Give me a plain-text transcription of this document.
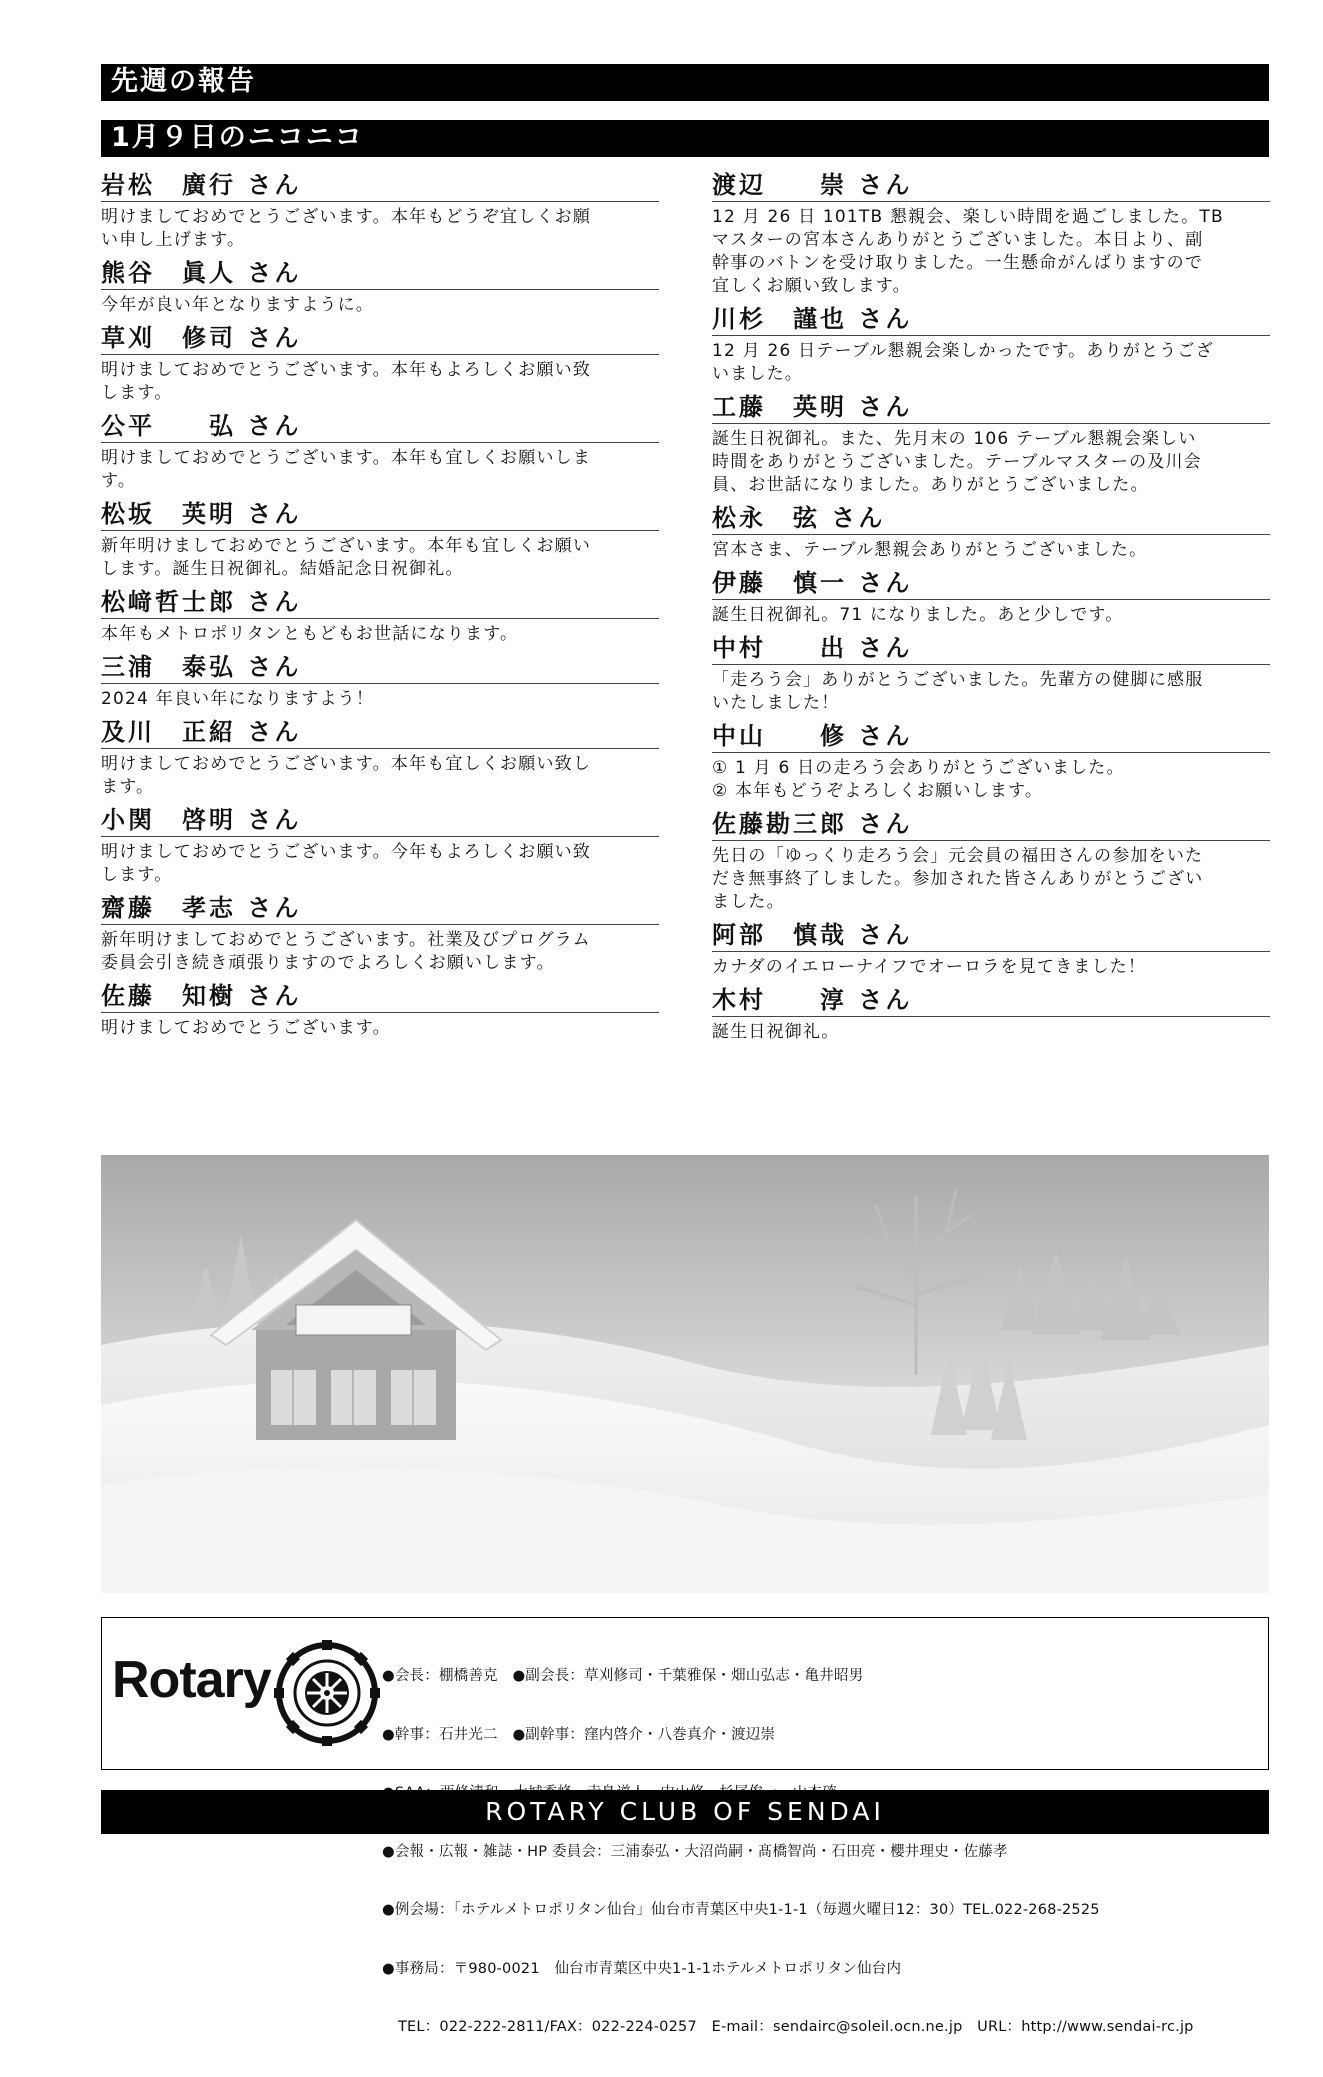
先週の報告
1月９日のニコニコ
岩松　廣行 さん
明けましておめでとうございます。本年もどうぞ宜しくお願
い申し上げます。
熊谷　眞人 さん
今年が良い年となりますように。
草刈　修司 さん
明けましておめでとうございます。本年もよろしくお願い致
します。
公平　　弘 さん
明けましておめでとうございます。本年も宜しくお願いしま
す。
松坂　英明 さん
新年明けましておめでとうございます。本年も宜しくお願い
します。誕生日祝御礼。結婚記念日祝御礼。
松﨑哲士郎 さん
本年もメトロポリタンともどもお世話になります。
三浦　泰弘 さん
2024 年良い年になりますよう！
及川　正紹 さん
明けましておめでとうございます。本年も宜しくお願い致し
ます。
小関　啓明 さん
明けましておめでとうございます。今年もよろしくお願い致
します。
齋藤　孝志 さん
新年明けましておめでとうございます。社業及びプログラム
委員会引き続き頑張りますのでよろしくお願いします。
佐藤　知樹 さん
明けましておめでとうございます。
渡辺　　崇 さん
12 月 26 日 101TB 懇親会、楽しい時間を過ごしました。TB
マスターの宮本さんありがとうございました。本日より、副
幹事のバトンを受け取りました。一生懸命がんばりますので
宜しくお願い致します。
川杉　謹也 さん
12 月 26 日テーブル懇親会楽しかったです。ありがとうござ
いました。
工藤　英明 さん
誕生日祝御礼。また、先月末の 106 テーブル懇親会楽しい
時間をありがとうございました。テーブルマスターの及川会
員、お世話になりました。ありがとうございました。
松永　弦 さん
宮本さま、テーブル懇親会ありがとうございました。
伊藤　慎一 さん
誕生日祝御礼。71 になりました。あと少しです。
中村　　出 さん
「走ろう会」ありがとうございました。先輩方の健脚に感服
いたしました！
中山　　修 さん
① 1 月 6 日の走ろう会ありがとうございました。
② 本年もどうぞよろしくお願いします。
佐藤勘三郎 さん
先日の「ゆっくり走ろう会」元会員の福田さんの参加をいた
だき無事終了しました。参加された皆さんありがとうござい
ました。
阿部　慎哉 さん
カナダのイエローナイフでオーロラを見てきました！
木村　　淳 さん
誕生日祝御礼。
Rotary

	●会長：棚橋善克　●副会長：草刈修司・千葉雅保・畑山弘志・亀井昭男

●幹事：石井光二　●副幹事：窪内啓介・八巻真介・渡辺崇

●会報・広報・雑誌・HP 委員会：三浦泰弘・大沼尚嗣・髙橋智尚・石田亮・櫻井理史・佐藤孝

●例会場：「ホテルメトロポリタン仙台」仙台市青葉区中央1-1-1（毎週火曜日12：30）TEL.022-268-2525

●事務局：〒980-0021　仙台市青葉区中央1-1-1ホテルメトロポリタン仙台内

TEL：022-222-2811/FAX：022-224-0257　E-mail：sendairc@soleil.ocn.ne.jp　URL：http://www.sendai-rc.jp

ROTARY CLUB OF SENDAI
